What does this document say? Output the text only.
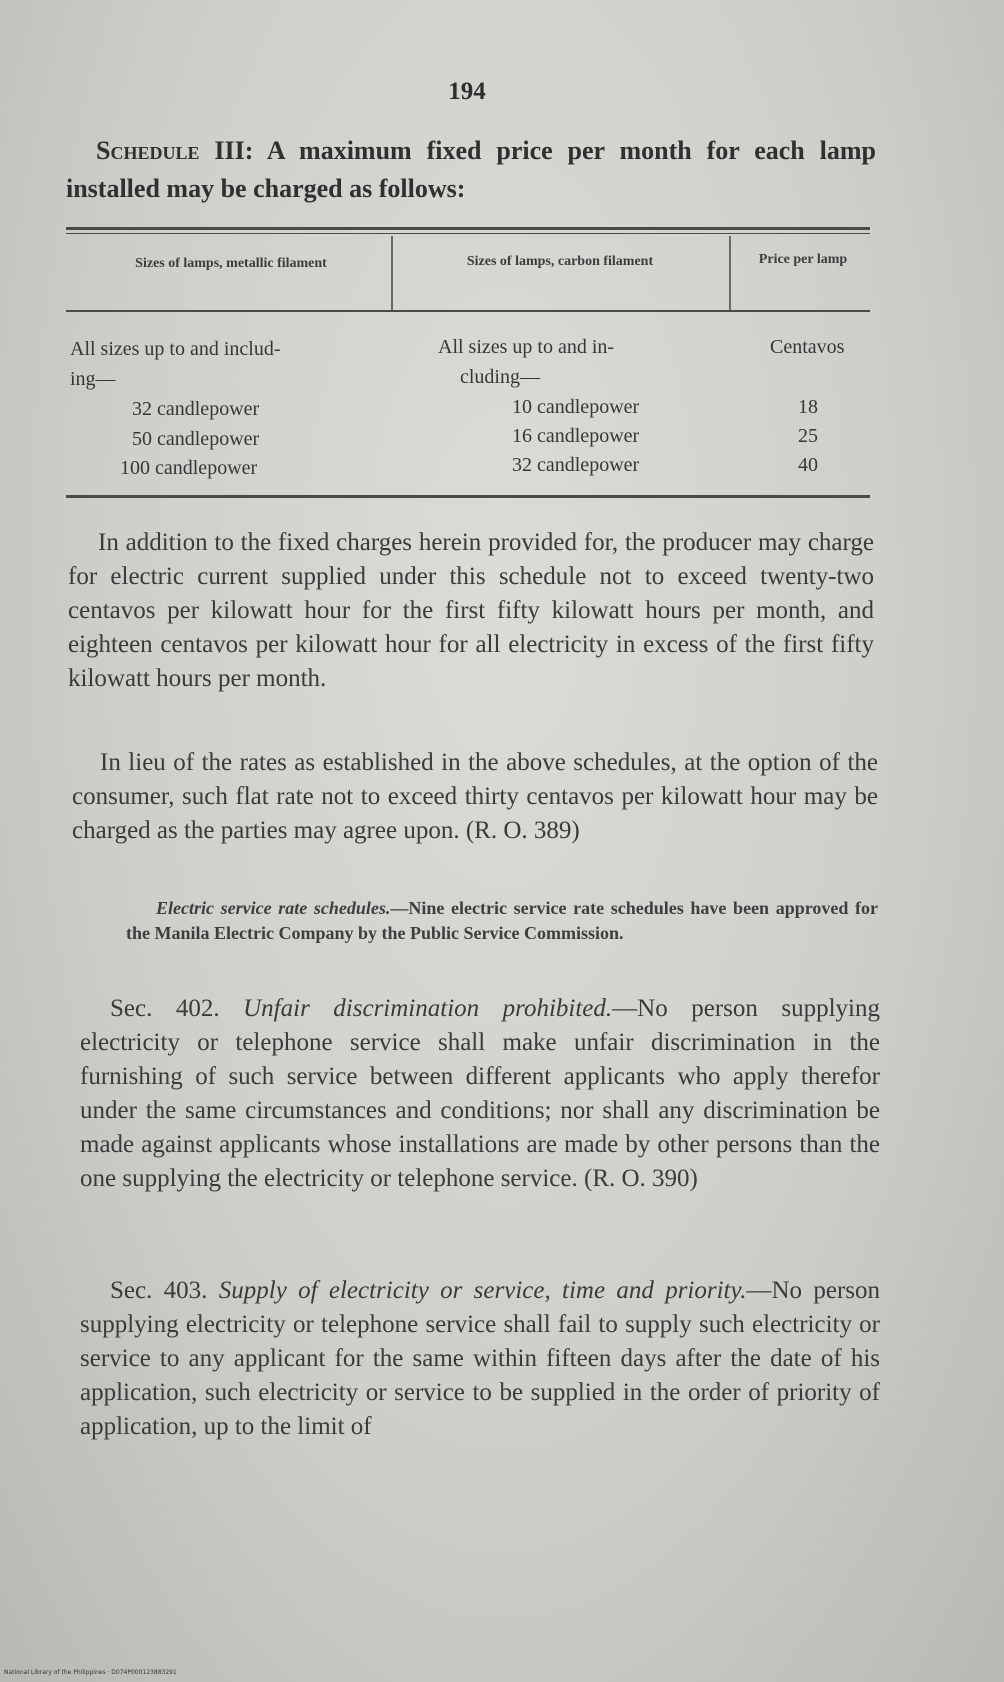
194
Schedule III: A maximum fixed price per month for each lamp installed may be charged as follows:
Sizes of lamps, metallic filament	Sizes of lamps, carbon filament	Price per lamp
All sizes up to and includ-	All sizes up to and in-	Centavos
ing—	cluding—
32 candlepower	10 candlepower	18
50 candlepower	16 candlepower	25
100 candlepower	32 candlepower	40
In addition to the fixed charges herein provided for, the producer may charge for electric current supplied under this schedule not to exceed twenty-two centavos per kilowatt hour for the first fifty kilowatt hours per month, and eighteen centavos per kilowatt hour for all electricity in excess of the first fifty kilowatt hours per month.
In lieu of the rates as established in the above schedules, at the option of the consumer, such flat rate not to exceed thirty centavos per kilowatt hour may be charged as the parties may agree upon. (R. O. 389)
Electric service rate schedules.—Nine electric service rate schedules have been approved for the Manila Electric Company by the Public Service Commission.
Sec. 402. Unfair discrimination prohibited.—No person supplying electricity or telephone service shall make unfair discrimination in the furnishing of such service between different applicants who apply therefor under the same circumstances and conditions; nor shall any discrimination be made against applicants whose installations are made by other persons than the one supplying the electricity or telephone service. (R. O. 390)
Sec. 403. Supply of electricity or service, time and priority.—No person supplying electricity or telephone service shall fail to supply such electricity or service to any applicant for the same within fifteen days after the date of his application, such electricity or service to be supplied in the order of priority of application, up to the limit of
National Library of the Philippines · D074P000123883291
